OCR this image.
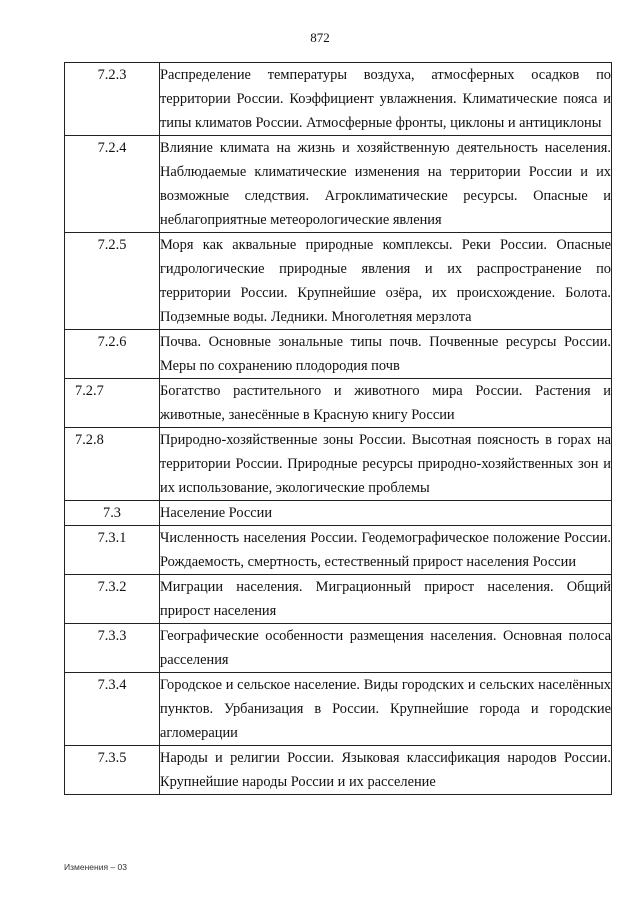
872
7.2.3	Распределение температуры воздуха, атмосферных осадков по территории России. Коэффициент увлажнения. Климатические пояса и типы климатов России. Атмосферные фронты, циклоны и антициклоны
7.2.4	Влияние климата на жизнь и хозяйственную деятельность населения. Наблюдаемые климатические изменения на территории России и их возможные следствия. Агроклиматические ресурсы. Опасные и неблагоприятные метеорологические явления
7.2.5	Моря как аквальные природные комплексы. Реки России. Опасные гидрологические природные явления и их распространение по территории России. Крупнейшие озёра, их происхождение. Болота. Подземные воды. Ледники. Многолетняя мерзлота
7.2.6	Почва. Основные зональные типы почв. Почвенные ресурсы России. Меры по сохранению плодородия почв
7.2.7	Богатство растительного и животного мира России. Растения и животные, занесённые в Красную книгу России
7.2.8	Природно-хозяйственные зоны России. Высотная поясность в горах на территории России. Природные ресурсы природно-хозяйственных зон и их использование, экологические проблемы
7.3	Население России
7.3.1	Численность населения России. Геодемографическое положение России. Рождаемость, смертность, естественный прирост населения России
7.3.2	Миграции населения. Миграционный прирост населения. Общий прирост населения
7.3.3	Географические особенности размещения населения. Основная полоса расселения
7.3.4	Городское и сельское население. Виды городских и сельских населённых пунктов. Урбанизация в России. Крупнейшие города и городские агломерации
7.3.5	Народы и религии России. Языковая классификация народов России. Крупнейшие народы России и их расселение
Изменения – 03
